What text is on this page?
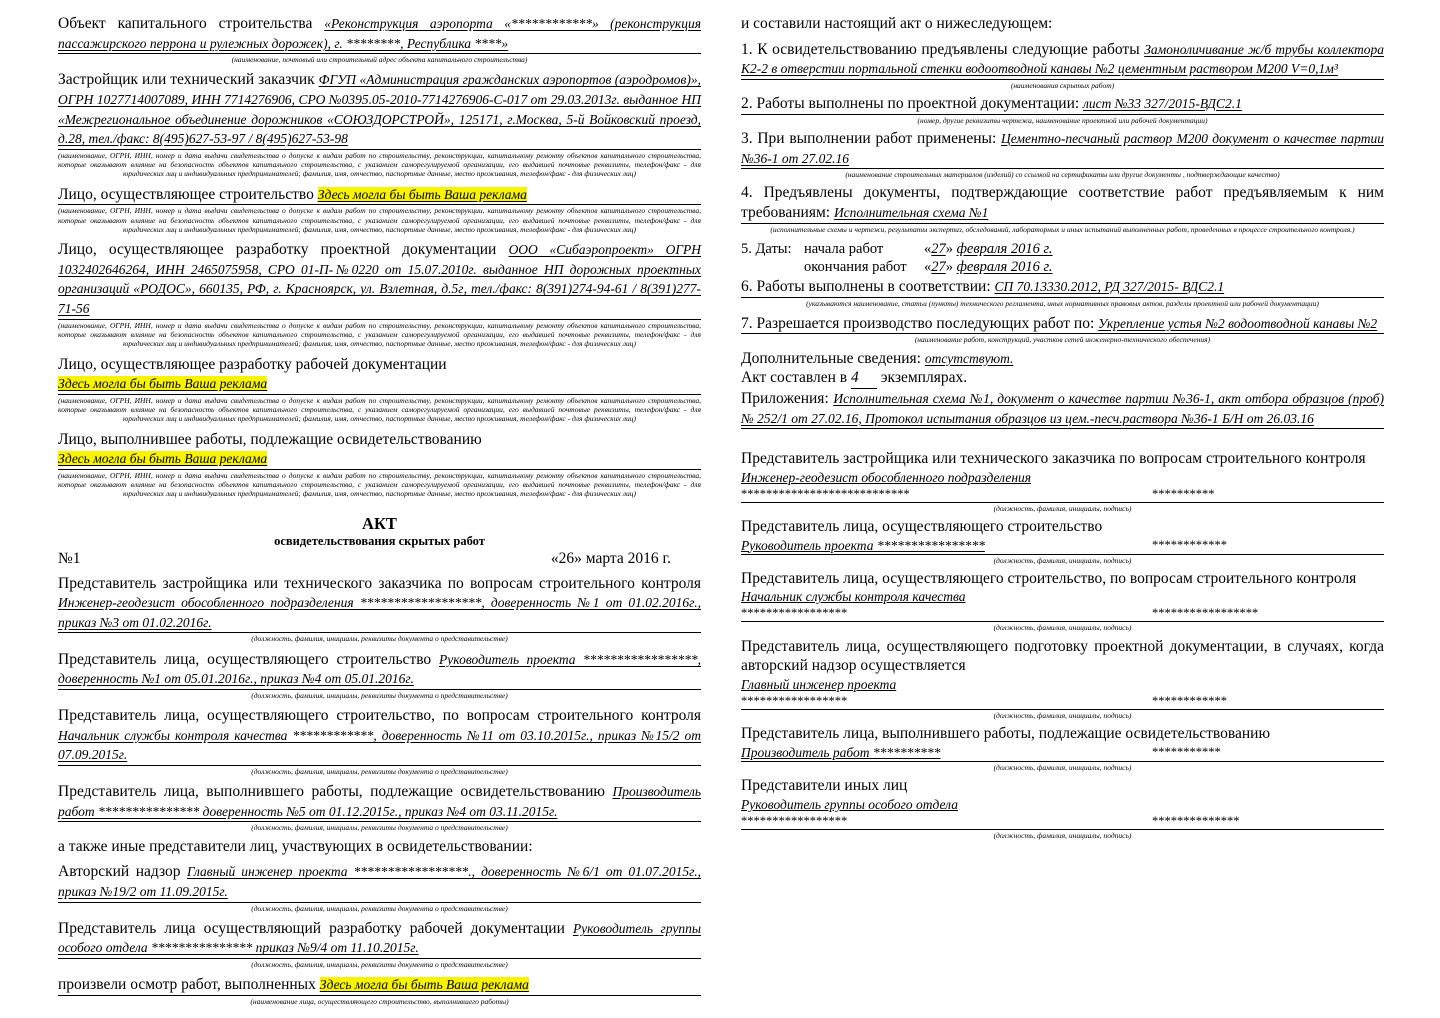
Объект капитального строительства «Реконструкция аэропорта «************» (реконструкция пассажирского перрона и рулежных дорожек), г. ********, Республика ****»
(наименование, почтовый или строительный адрес объекта капитального строительства)
Застройщик или технический заказчик ФГУП «Администрация гражданских аэропортов (аэродромов)», ОГРН 1027714007089, ИНН 7714276906, СРО №0395.05-2010-7714276906-С-017 от 29.03.2013г. выданное НП «Межрегиональное объединение дорожников «СОЮЗДОРСТРОЙ», 125171, г.Москва, 5-й Войковский проезд, д.28, тел./факс: 8(495)627-53-97 / 8(495)627-53-98
(наименование, ОГРН, ИНН, номер и дата выдачи свидетельства о допуске к видам работ по строительству, реконструкции, капитальному ремонту объектов капитального строительства, которые оказывают влияние на безопасность объектов капитального строительства, с указанием саморегулируемой организации, его выдавшей почтовые реквизиты, телефон/факс - для юридических лиц и индивидуальных предпринимателей; фамилия, имя, отчество, паспортные данные, место проживания, телефон/факс - для физических лиц)
Лицо, осуществляющее строительство Здесь могла бы быть Ваша реклама
(наименование, ОГРН, ИНН, номер и дата выдачи свидетельства о допуске к видам работ по строительству, реконструкции, капитальному ремонту объектов капитального строительства, которые оказывают влияние на безопасность объектов капитального строительства, с указанием саморегулируемой организации, его выдавшей почтовые реквизиты, телефон/факс - для юридических лиц и индивидуальных предпринимателей; фамилия, имя, отчество, паспортные данные, место проживания, телефон/факс - для физических лиц)
Лицо, осуществляющее разработку проектной документации ООО «Сибаэропроект» ОГРН 1032402646264, ИНН 2465075958, СРО 01-П-№0220 от 15.07.2010г. выданное НП дорожных проектных организаций «РОДОС», 660135, РФ, г. Красноярск, ул. Взлетная, д.5г, тел./факс: 8(391)274-94-61 / 8(391)277-71-56
(наименование, ОГРН, ИНН, номер и дата выдачи свидетельства о допуске к видам работ по строительству, реконструкции, капитальному ремонту объектов капитального строительства, которые оказывают влияние на безопасность объектов капитального строительства, с указанием саморегулируемой организации, его выдавшей почтовые реквизиты, телефон/факс - для юридических лиц и индивидуальных предпринимателей; фамилия, имя, отчество, паспортные данные, место проживания, телефон/факс - для физических лиц)
Лицо, осуществляющее разработку рабочей документации
Здесь могла бы быть Ваша реклама
(наименование, ОГРН, ИНН, номер и дата выдачи свидетельства о допуске к видам работ по строительству, реконструкции, капитальному ремонту объектов капитального строительства, которые оказывают влияние на безопасность объектов капитального строительства, с указанием саморегулируемой организации, его выдавшей почтовые реквизиты, телефон/факс - для юридических лиц и индивидуальных предпринимателей; фамилия, имя, отчество, паспортные данные, место проживания, телефон/факс - для физических лиц)
Лицо, выполнившее работы, подлежащие освидетельствованию
Здесь могла бы быть Ваша реклама
(наименование, ОГРН, ИНН, номер и дата выдачи свидетельства о допуске к видам работ по строительству, реконструкции, капитальному ремонту объектов капитального строительства, которые оказывают влияние на безопасность объектов капитального строительства, с указанием саморегулируемой организации, его выдавшей почтовые реквизиты, телефон/факс - для юридических лиц и индивидуальных предпринимателей; фамилия, имя, отчество, паспортные данные, место проживания, телефон/факс - для физических лиц)
АКТ
освидетельствования скрытых работ
№1	«26» марта 2016 г.
Представитель застройщика или технического заказчика по вопросам строительного контроля Инженер-геодезист обособленного подразделения ******************, доверенность №1 от 01.02.2016г., приказ №3 от 01.02.2016г.
(должность, фамилия, инициалы, реквизиты документа о представительстве)
Представитель лица, осуществляющего строительство Руководитель проекта *****************, доверенность №1 от 05.01.2016г., приказ №4 от 05.01.2016г.
(должность, фамилия, инициалы, реквизиты документа о представительстве)
Представитель лица, осуществляющего строительство, по вопросам строительного контроля Начальник службы контроля качества ************, доверенность №11 от 03.10.2015г., приказ №15/2 от 07.09.2015г.
(должность, фамилия, инициалы, реквизиты документа о представительстве)
Представитель лица, выполнившего работы, подлежащие освидетельствованию Производитель работ *************** доверенность №5 от 01.12.2015г., приказ №4 от 03.11.2015г.
(должность, фамилия, инициалы, реквизиты документа о представительстве)
а также иные представители лиц, участвующих в освидетельствовании:
Авторский надзор Главный инженер проекта *****************., доверенность №6/1 от 01.07.2015г., приказ №19/2 от 11.09.2015г.
(должность, фамилия, инициалы, реквизиты документа о представительстве)
Представитель лица осуществляющий разработку рабочей документации Руководитель группы особого отдела *************** приказ №9/4 от 11.10.2015г.
(должность, фамилия, инициалы, реквизиты документа о представительстве)
произвели осмотр работ, выполненных Здесь могла бы быть Ваша реклама
(наименование лица, осуществляющего строительство, выполнившего работы)
и составили настоящий акт о нижеследующем:
1. К освидетельствованию предъявлены следующие работы Замоноличивание ж/б трубы коллектора К2-2 в отверстии портальной стенки водоотводной канавы №2 цементным раствором М200 V=0,1м³
(наименования скрытых работ)
2. Работы выполнены по проектной документации: лист №33 327/2015-ВДС2.1
(номер, другие реквизиты чертежа, наименование проектной или рабочей документации)
3. При выполнении работ применены: Цементно-песчаный раствор М200 документ о качестве партии №36-1 от 27.02.16
(наименование строительных материалов (изделий) со ссылкой на сертификаты или другие документы , подтверждающие качество)
4. Предъявлены документы, подтверждающие соответствие работ предъявляемым к ним требованиям: Исполнительная схема №1
(исполнительные схемы и чертежи, результаты экспертиз, обследований, лабораторных и иных испытаний выполненных работ, проведенных в процессе строительного контроля.)
5. Даты: начала работ	«27» февраля 2016 г.
окончания работ «27» февраля 2016 г.
6. Работы выполнены в соответствии: СП 70.13330.2012, РД 327/2015- ВДС2.1
(указываются наименование, статьи (пункты) технического регламента, иных нормативных правовых актов, разделы проектной или рабочей документации)
7. Разрешается производство последующих работ по: Укрепление устья №2 водоотводной канавы №2
(наименование работ, конструкций, участков сетей инженерно-технического обеспечения)
Дополнительные сведения: отсутствуют.
Акт составлен в 4 экземплярах.
Приложения: Исполнительная схема №1, документ о качестве партии №36-1, акт отбора образцов (проб) № 252/1 от 27.02.16, Протокол испытания образцов из цем.-песч.раствора №36-1 Б/Н от 26.03.16
Представитель застройщика или технического заказчика по вопросам строительного контроля
Инженер-геодезист обособленного подразделения
***************************	**********
(должность, фамилия, инициалы, подпись)
Представитель лица, осуществляющего строительство
Руководитель проекта ****************	************
(должность, фамилия, инициалы, подпись)
Представитель лица, осуществляющего строительство, по вопросам строительного контроля
Начальник службы контроля качества
*****************	*****************
(должность, фамилия, инициалы, подпись)
Представитель лица, осуществляющего подготовку проектной документации, в случаях, когда авторский надзор осуществляется
Главный инженер проекта
*****************	************
(должность, фамилия, инициалы, подпись)
Представитель лица, выполнившего работы, подлежащие освидетельствованию
Производитель работ **********	***********
(должность, фамилия, инициалы, подпись)
Представители иных лиц
Руководитель группы особого отдела
*****************	**************
(должность, фамилия, инициалы, подпись)
